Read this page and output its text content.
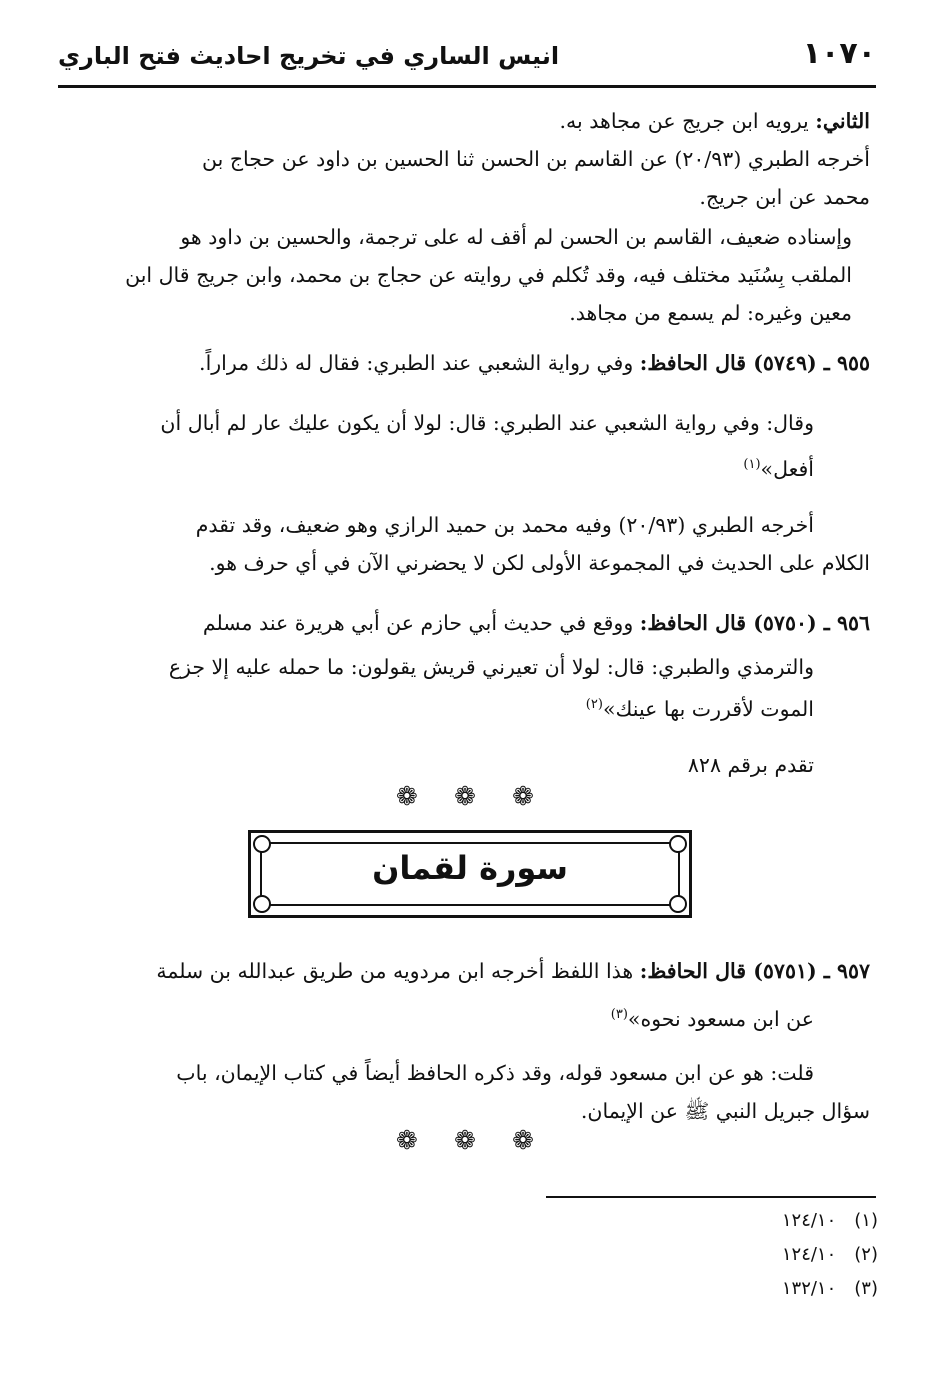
١٠٧٠
انيس الساري في تخريج احاديث فتح الباري
الثاني: يرويه ابن جريج عن مجاهد به.
أخرجه الطبري (٢٠/٩٣) عن القاسم بن الحسن ثنا الحسين بن داود عن حجاج بن
محمد عن ابن جريج.
وإسناده ضعيف، القاسم بن الحسن لم أقف له على ترجمة، والحسين بن داود هو
الملقب بِسُنَيد مختلف فيه، وقد تُكلم في روايته عن حجاج بن محمد، وابن جريج قال ابن
معين وغيره: لم يسمع من مجاهد.
٩٥٥ ـ (٥٧٤٩) قال الحافظ: وفي رواية الشعبي عند الطبري: فقال له ذلك مراراً.
وقال: وفي رواية الشعبي عند الطبري: قال: لولا أن يكون عليك عار لم أبال أن
أفعل»$^{(١)}$
أخرجه الطبري (٢٠/٩٣) وفيه محمد بن حميد الرازي وهو ضعيف، وقد تقدم
الكلام على الحديث في المجموعة الأولى لكن لا يحضرني الآن في أي حرف هو.
٩٥٦ ـ (٥٧٥٠) قال الحافظ: ووقع في حديث أبي حازم عن أبي هريرة عند مسلم
والترمذي والطبري: قال: لولا أن تعيرني قريش يقولون: ما حمله عليه إلا جزع
الموت لأقررت بها عينك»$^{(٢)}$
تقدم برقم ٨٢٨
❁ ❁ ❁
سورة لقمان
٩٥٧ ـ (٥٧٥١) قال الحافظ: هذا اللفظ أخرجه ابن مردويه من طريق عبدالله بن سلمة
عن ابن مسعود نحوه»$^{(٣)}$
قلت: هو عن ابن مسعود قوله، وقد ذكره الحافظ أيضاً في كتاب الإيمان، باب
سؤال جبريل النبي ﷺ عن الإيمان.
❁ ❁ ❁
(١)١٢٤/١٠
(٢)١٢٤/١٠
(٣)١٣٢/١٠
